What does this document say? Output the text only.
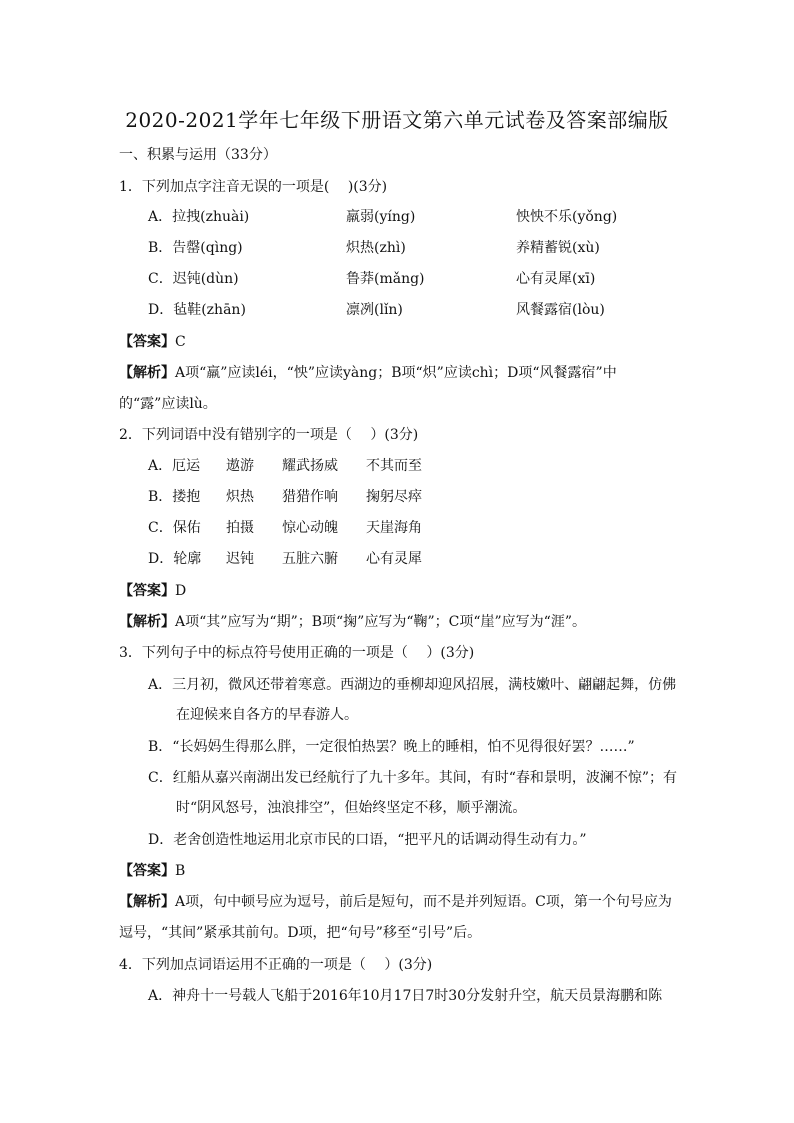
2020-2021学年七年级下册语文第六单元试卷及答案部编版
一、积累与运用（33分）
1．下列加点字注音无误的一项是(　 )(3分)
A．拉拽(zhuài)	羸弱(yíng)	怏怏不乐(yǒng)
B．告罄(qìng)	炽热(zhì)	养精蓄锐(xù)
C．迟钝(dùn)	鲁莽(mǎng)	心有灵犀(xī)
D．毡鞋(zhān)	凛冽(lǐn)	风餐露宿(lòu)
【答案】C
【解析】A项“羸”应读léi，“怏”应读yàng；B项“炽”应读chì；D项“风餐露宿”中
的“露”应读lù。
2．下列词语中没有错别字的一项是（　 ）(3分)
A．厄运 遨游 耀武扬威 不其而至
B．搂抱 炽热 猎猎作响 掬躬尽瘁
C．保佑 拍摄 惊心动魄 天崖海角
D．轮廓 迟钝 五脏六腑 心有灵犀
【答案】D
【解析】A项“其”应写为“期”；B项“掬”应写为“鞠”；C项“崖”应写为“涯”。
3．下列句子中的标点符号使用正确的一项是（　 ）(3分)
A．三月初，微风还带着寒意。西湖边的垂柳却迎风招展，满枝嫩叶、翩翩起舞，仿佛
在迎候来自各方的早春游人。
B．“长妈妈生得那么胖，一定很怕热罢？晚上的睡相，怕不见得很好罢？……”
C．红船从嘉兴南湖出发已经航行了九十多年。其间，有时“春和景明，波澜不惊”；有
时“阴风怒号，浊浪排空”，但始终坚定不移，顺乎潮流。
D．老舍创造性地运用北京市民的口语，“把平凡的话调动得生动有力。”
【答案】B
【解析】A项，句中顿号应为逗号，前后是短句，而不是并列短语。C项，第一个句号应为
逗号，“其间”紧承其前句。D项，把“句号”移至“引号”后。
4．下列加点词语运用不正确的一项是（　 ）(3分)
A．神舟十一号载人飞船于2016年10月17日7时30分发射升空，航天员景海鹏和陈
